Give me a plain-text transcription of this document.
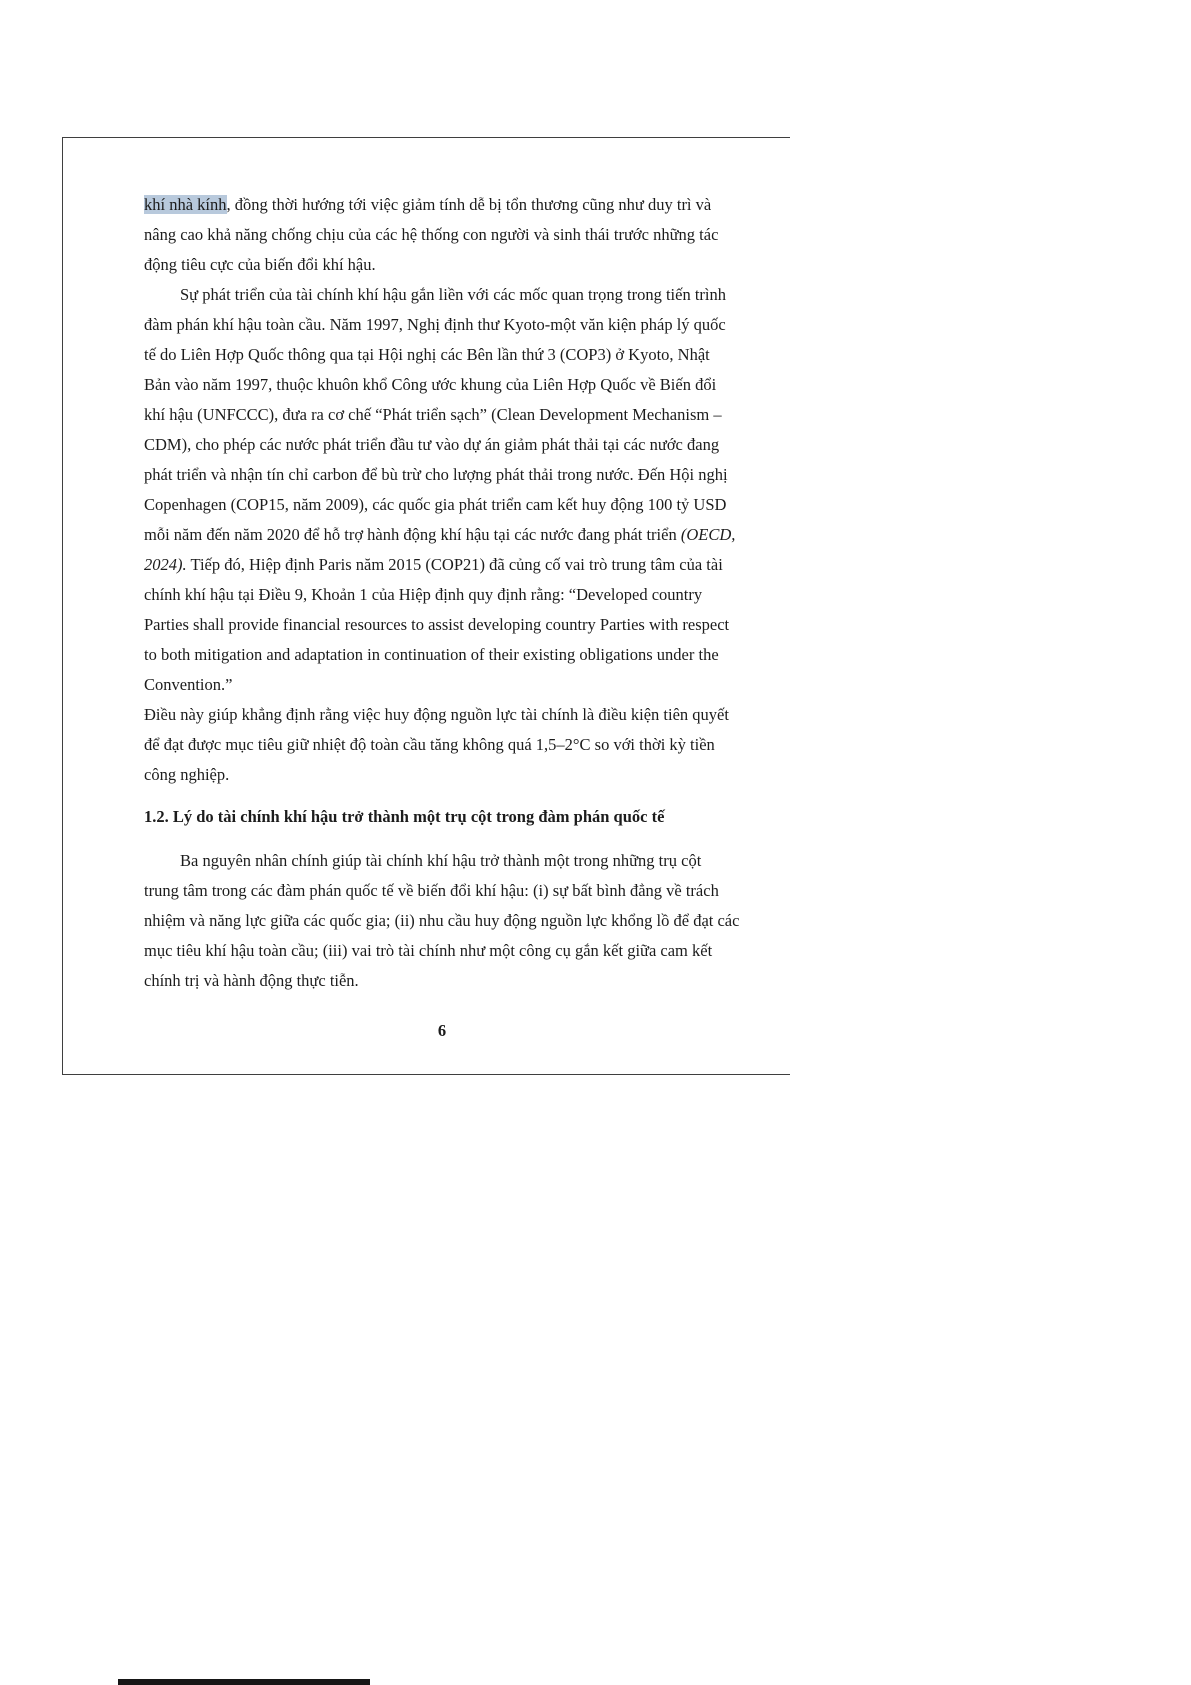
khí nhà kính, đồng thời hướng tới việc giảm tính dễ bị tổn thương cũng như duy trì và nâng cao khả năng chống chịu của các hệ thống con người và sinh thái trước những tác động tiêu cực của biến đổi khí hậu.

Sự phát triển của tài chính khí hậu gắn liền với các mốc quan trọng trong tiến trình đàm phán khí hậu toàn cầu. Năm 1997, Nghị định thư Kyoto-một văn kiện pháp lý quốc tế do Liên Hợp Quốc thông qua tại Hội nghị các Bên lần thứ 3 (COP3) ở Kyoto, Nhật Bản vào năm 1997, thuộc khuôn khổ Công ước khung của Liên Hợp Quốc về Biến đổi khí hậu (UNFCCC), đưa ra cơ chế “Phát triển sạch” (Clean Development Mechanism – CDM), cho phép các nước phát triển đầu tư vào dự án giảm phát thải tại các nước đang phát triển và nhận tín chỉ carbon để bù trừ cho lượng phát thải trong nước. Đến Hội nghị Copenhagen (COP15, năm 2009), các quốc gia phát triển cam kết huy động 100 tỷ USD mỗi năm đến năm 2020 để hỗ trợ hành động khí hậu tại các nước đang phát triển (OECD, 2024). Tiếp đó, Hiệp định Paris năm 2015 (COP21) đã củng cố vai trò trung tâm của tài chính khí hậu tại Điều 9, Khoản 1 của Hiệp định quy định rằng: “Developed country Parties shall provide financial resources to assist developing country Parties with respect to both mitigation and adaptation in continuation of their existing obligations under the Convention.”

Điều này giúp khẳng định rằng việc huy động nguồn lực tài chính là điều kiện tiên quyết để đạt được mục tiêu giữ nhiệt độ toàn cầu tăng không quá 1,5–2°C so với thời kỳ tiền công nghiệp.

1.2. Lý do tài chính khí hậu trở thành một trụ cột trong đàm phán quốc tế

Ba nguyên nhân chính giúp tài chính khí hậu trở thành một trong những trụ cột trung tâm trong các đàm phán quốc tế về biến đổi khí hậu: (i) sự bất bình đẳng về trách nhiệm và năng lực giữa các quốc gia; (ii) nhu cầu huy động nguồn lực khổng lồ để đạt các mục tiêu khí hậu toàn cầu; (iii) vai trò tài chính như một công cụ gắn kết giữa cam kết chính trị và hành động thực tiễn.

6
